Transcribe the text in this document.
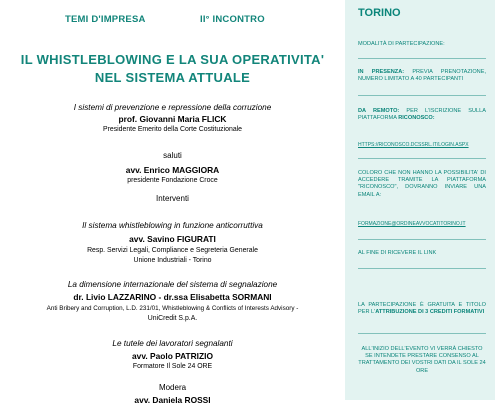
TEMI D'IMPRESA	II° INCONTRO
IL WHISTLEBLOWING E LA SUA OPERATIVITA'
NEL SISTEMA ATTUALE
I sistemi di prevenzione e repressione della corruzione
prof. Giovanni Maria FLICK
Presidente Emerito della Corte Costituzionale
saluti
avv. Enrico MAGGIORA
presidente Fondazione Croce
Interventi
Il sistema whistleblowing in funzione anticorruttiva
avv. Savino FIGURATI
Resp. Servizi Legali, Compliance e Segreteria Generale
Unione Industriali - Torino
La dimensione internazionale del sistema di segnalazione
dr. Livio LAZZARINO - dr.ssa Elisabetta SORMANI
Anti Bribery and Corruption, L.D. 231/01, Whistleblowing & Conflicts of Interests Advisory -
UniCredit S.p.A.
Le tutele dei lavoratori segnalanti
avv. Paolo PATRIZIO
Formatore Il Sole 24 ORE
Modera
avv. Daniela ROSSI
TORINO
MODALITÀ DI PARTECIPAZIONE:
IN PRESENZA: PREVIA PRENOTAZIONE, NUMERO LIMITATO A 40 PARTECIPANTI
DA REMOTO: PER L'ISCRIZIONE SULLA PIATTAFORMA RICONOSCO:
HTTPS://RICONOSCO.DCSSRL.IT/LOGIN.ASPX
COLORO CHE NON HANNO LA POSSIBILITA' DI ACCEDERE TRAMITE LA PIATTAFORMA "RICONOSCO", DOVRANNO INVIARE UNA EMAIL A:
FORMAZIONE@ORDINEAVVOCATITORINO.IT
AL FINE DI RICEVERE IL LINK
LA PARTECIPAZIONE È GRATUITA E TITOLO PER L'ATTRIBUZIONE DI 3 CREDITI FORMATIVI
ALL'INIZIO DELL'EVENTO VI VERRÀ CHIESTO SE INTENDETE PRESTARE CONSENSO AL TRATTAMENTO DEI VOSTRI DATI DA IL SOLE 24 ORE
